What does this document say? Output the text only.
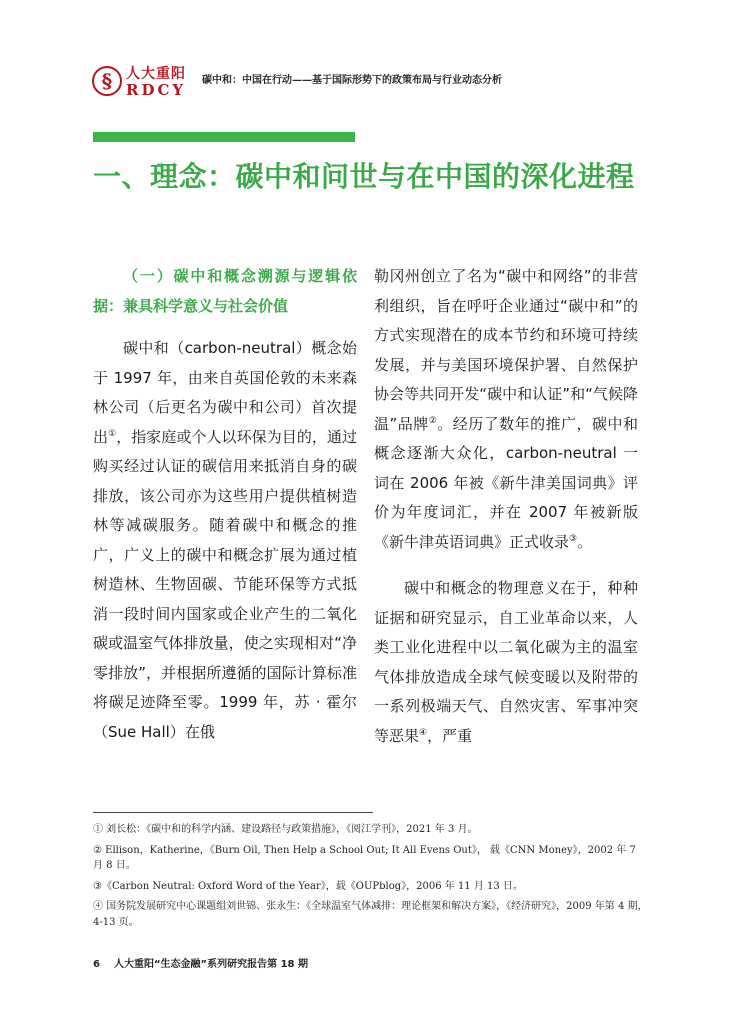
§ 人大重阳
RDCY
碳中和：中国在行动——基于国际形势下的政策布局与行业动态分析
一、理念：碳中和问世与在中国的深化进程

（一）碳中和概念溯源与逻辑依据：兼具科学意义与社会价值

碳中和（carbon-neutral）概念始于 1997 年，由来自英国伦敦的未来森林公司（后更名为碳中和公司）首次提出①，指家庭或个人以环保为目的，通过购买经过认证的碳信用来抵消自身的碳排放，该公司亦为这些用户提供植树造林等减碳服务。随着碳中和概念的推广，广义上的碳中和概念扩展为通过植树造林、生物固碳、节能环保等方式抵消一段时间内国家或企业产生的二氧化碳或温室气体排放量，使之实现相对“净零排放”，并根据所遵循的国际计算标准将碳足迹降至零。1999 年，苏 · 霍尔（Sue Hall）在俄

勒冈州创立了名为“碳中和网络”的非营利组织，旨在呼吁企业通过“碳中和”的方式实现潜在的成本节约和环境可持续发展，并与美国环境保护署、自然保护协会等共同开发“碳中和认证”和“气候降温”品牌②。经历了数年的推广，碳中和概念逐渐大众化，carbon-neutral 一词在 2006 年被《新牛津美国词典》评价为年度词汇，并在 2007 年被新版《新牛津英语词典》正式收录③。

碳中和概念的物理意义在于，种种证据和研究显示，自工业革命以来，人类工业化进程中以二氧化碳为主的温室气体排放造成全球气候变暖以及附带的一系列极端天气、自然灾害、军事冲突等恶果④，严重

① 刘长松：《碳中和的科学内涵、建设路径与政策措施》，《阅江学刊》，2021 年 3 月。

② Ellison，Katherine，《Burn Oil, Then Help a School Out; It All Evens Out》， 载《CNN Money》，2002 年 7 月 8 日。

③《Carbon Neutral: Oxford Word of the Year》，载《OUPblog》，2006 年 11 月 13 日。

④ 国务院发展研究中心课题组刘世锦、张永生：《全球温室气体减排：理论框架和解决方案》，《经济研究》，2009 年第 4 期，4-13 页。

6 人大重阳“生态金融”系列研究报告第 18 期
